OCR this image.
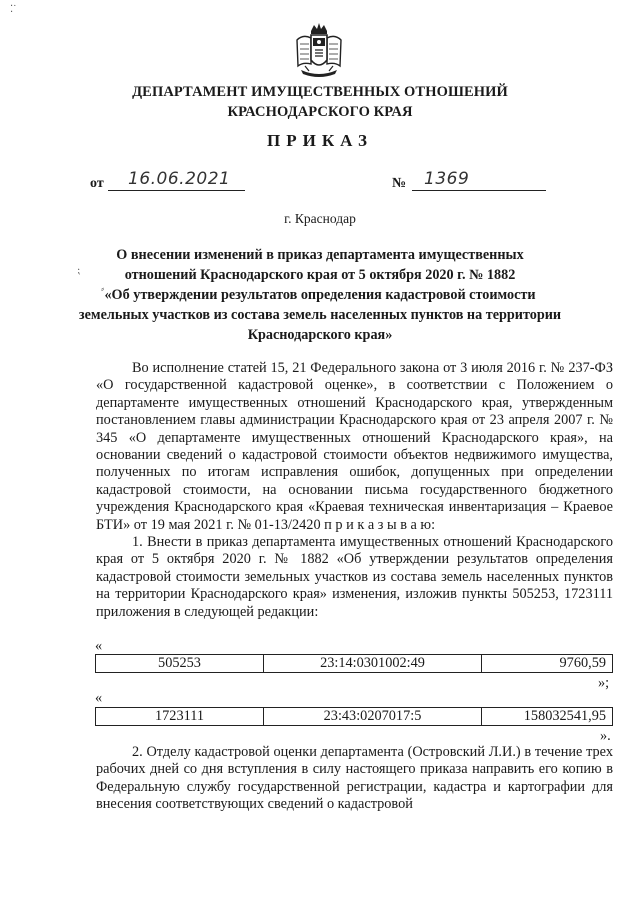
⁚˙
⁏
⸗
ДЕПАРТАМЕНТ ИМУЩЕСТВЕННЫХ ОТНОШЕНИЙ
КРАСНОДАРСКОГО КРАЯ
ПРИКАЗ
от 16.06.2021	№ 1369
г. Краснодар
О внесении изменений в приказ департамента имущественных
отношений Краснодарского края от 5 октября 2020 г. № 1882
«Об утверждении результатов определения кадастровой стоимости
земельных участков из состава земель населенных пунктов на территории
Краснодарского края»

Во исполнение статей 15, 21 Федерального закона от 3 июля 2016 г. № 237-ФЗ «О государственной кадастровой оценке», в соответствии с Положением о департаменте имущественных отношений Краснодарского края, утвержденным постановлением главы администрации Краснодарского края от 23 апреля 2007 г. № 345 «О департаменте имущественных отношений Краснодарского края», на основании сведений о кадастровой стоимости объектов недвижимого имущества, полученных по итогам исправления ошибок, допущенных при определении кадастровой стоимости, на основании письма государственного бюджетного учреждения Краснодарского края «Краевая техническая инвентаризация – Краевое БТИ» от 19 мая 2021 г. № 01-13/2420 п р и к а з ы в а ю:

1. Внести в приказ департамента имущественных отношений Краснодарского края от 5 октября 2020 г. № 1882 «Об утверждении результатов определения кадастровой стоимости земельных участков из состава земель населенных пунктов на территории Краснодарского края» изменения, изложив пункты 505253, 1723111 приложения в следующей редакции:

«
505253	23:14:0301002:49	9760,59
»;
«
1723111	23:43:0207017:5	158032541,95
».

2. Отделу кадастровой оценки департамента (Островский Л.И.) в течение трех рабочих дней со дня вступления в силу настоящего приказа направить его копию в Федеральную службу государственной регистрации, кадастра и картографии для внесения соответствующих сведений о кадастровой
